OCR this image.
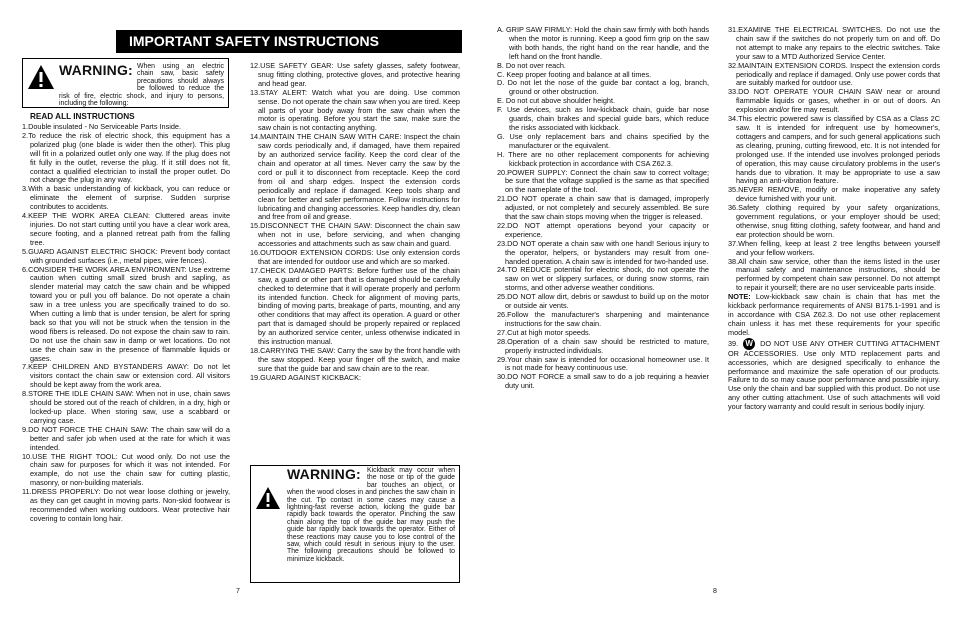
IMPORTANT SAFETY INSTRUCTIONS
WARNING: When using an electric chain saw, basic safety precautions should always be followed to reduce the risk of fire, electric shock, and injury to persons, including the following:
READ ALL INSTRUCTIONS

1.Double insulated - No Serviceable Parts Inside.

2.To reduce the risk of electric shock, this equipment has a polarized plug (one blade is wider then the other). This plug will fit in a polarized outlet only one way. If the plug does not fit fully in the outlet, reverse the plug. If it still does not fit, contact a qualified electrician to install the proper outlet. Do not change the plug in any way.

3.With a basic understanding of kickback, you can reduce or eliminate the element of surprise. Sudden surprise contributes to accidents.

4.KEEP THE WORK AREA CLEAN: Cluttered areas invite injuries. Do not start cutting until you have a clear work area, secure footing, and a planned retreat path from the falling tree.

5.GUARD AGAINST ELECTRIC SHOCK: Prevent body contact with grounded surfaces (i.e., metal pipes, wire fences).

6.CONSIDER THE WORK AREA ENVIRONMENT: Use extreme caution when cutting small sized brush and sapling, as slender material may catch the saw chain and be whipped toward you or pull you off balance. Do not operate a chain saw in a tree unless you are specifically trained to do so. When cutting a limb that is under tension, be alert for spring back so that you will not be struck when the tension in the wood fibers is released. Do not expose the chain saw to rain. Do not use the chain saw in damp or wet locations. Do not use the chain saw in the presence of flammable liquids or gases.

7.KEEP CHILDREN AND BYSTANDERS AWAY: Do not let visitors contact the chain saw or extension cord. All visitors should be kept away from the work area.

8.STORE THE IDLE CHAIN SAW: When not in use, chain saws should be stored out of the reach of children, in a dry, high or locked-up place. When storing saw, use a scabbard or carrying case.

9.DO NOT FORCE THE CHAIN SAW: The chain saw will do a better and safer job when used at the rate for which it was intended.

10.USE THE RIGHT TOOL: Cut wood only. Do not use the chain saw for purposes for which it was not intended. For example, do not use the chain saw for cutting plastic, masonry, or non-building materials.

11.DRESS PROPERLY: Do not wear loose clothing or jewelry, as they can get caught in moving parts. Non-skid footwear is recommended when working outdoors. Wear protective hair covering to contain long hair.

12.USE SAFETY GEAR: Use safety glasses, safety footwear, snug fitting clothing, protective gloves, and protective hearing and head gear.

13.STAY ALERT: Watch what you are doing. Use common sense. Do not operate the chain saw when you are tired. Keep all parts of your body away from the saw chain when the motor is operating. Before you start the saw, make sure the saw chain is not contacting anything.

14.MAINTAIN THE CHAIN SAW WITH CARE: Inspect the chain saw cords periodically and, if damaged, have them repaired by an authorized service facility. Keep the cord clear of the chain and operator at all times. Never carry the saw by the cord or pull it to disconnect from receptacle. Keep the cord from oil and sharp edges. Inspect the extension cords periodically and replace if damaged. Keep tools sharp and clean for better and safer performance. Follow instructions for lubricating and changing accessories. Keep handles dry, clean and free from oil and grease.

15.DISCONNECT THE CHAIN SAW: Disconnect the chain saw when not in use, before servicing, and when changing accessories and attachments such as saw chain and guard.

16.OUTDOOR EXTENSION CORDS: Use only extension cords that are intended for outdoor use and which are so marked.

17.CHECK DAMAGED PARTS: Before further use of the chain saw, a guard or other part that is damaged should be carefully checked to determine that it will operate properly and perform its intended function. Check for alignment of moving parts, binding of moving parts, breakage of parts, mounting, and any other conditions that may affect its operation. A guard or other part that is damaged should be properly repaired or replaced by an authorized service center, unless otherwise indicated in this instruction manual.

18.CARRYING THE SAW: Carry the saw by the front handle with the saw stopped. Keep your finger off the switch, and make sure that the guide bar and saw chain are to the rear.

19.GUARD AGAINST KICKBACK:

WARNING: Kickback may occur when the nose or tip of the guide bar touches an object, or when the wood closes in and pinches the saw chain in the cut. Tip contact in some cases may cause a lightning-fast reverse action, kicking the guide bar rapidly back towards the operator. Pinching the saw chain along the top of the guide bar may push the guide bar rapidly back towards the operator. Either of these reactions may cause you to lose control of the saw, which could result in serious injury to the user. The following precautions should be followed to minimize kickback.

A. GRIP SAW FIRMLY: Hold the chain saw firmly with both hands when the motor is running. Keep a good firm grip on the saw with both hands, the right hand on the rear handle, and the left hand on the front handle.

B. Do not over reach.

C. Keep proper footing and balance at all times.

D. Do not let the nose of the guide bar contact a log, branch, ground or other obstruction.

E. Do not cut above shoulder height.

F. Use devices, such as low-kickback chain, guide bar nose guards, chain brakes and special guide bars, which reduce the risks associated with kickback.

G. Use only replacement bars and chains specified by the manufacturer or the equivalent.

H. There are no other replacement components for achieving kickback protection in accordance with CSA Z62.3.

20.POWER SUPPLY: Connect the chain saw to correct voltage; be sure that the voltage supplied is the same as that specified on the nameplate of the tool.

21.DO NOT operate a chain saw that is damaged, improperly adjusted, or not completely and securely assembled. Be sure that the saw chain stops moving when the trigger is released.

22.DO NOT attempt operations beyond your capacity or experience.

23.DO NOT operate a chain saw with one hand! Serious injury to the operator, helpers, or bystanders may result from one-handed operation. A chain saw is intended for two-handed use.

24.TO REDUCE potential for electric shock, do not operate the saw on wet or slippery surfaces, or during snow storms, rain storms, and other adverse weather conditions.

25.DO NOT allow dirt, debris or sawdust to build up on the motor or outside air vents.

26.Follow the manufacturer's sharpening and maintenance instructions for the saw chain.

27.Cut at high motor speeds.

28.Operation of a chain saw should be restricted to mature, properly instructed individuals.

29.Your chain saw is intended for occasional homeowner use. It is not made for heavy continuous use.

30.DO NOT FORCE a small saw to do a job requiring a heavier duty unit.

31.EXAMINE THE ELECTRICAL SWITCHES. Do not use the chain saw if the switches do not properly turn on and off. Do not attempt to make any repairs to the electric switches. Take your saw to a MTD Authorized Service Center.

32.MAINTAIN EXTENSION CORDS. Inspect the extension cords periodically and replace if damaged. Only use power cords that are suitably marked for outdoor use.

33.DO NOT OPERATE YOUR CHAIN SAW near or around flammable liquids or gases, whether in or out of doors. An explosion and/or fire may result.

34.This electric powered saw is classified by CSA as a Class 2C saw. It is intended for infrequent use by homeowner's, cottagers and campers, and for such general applications such as clearing, pruning, cutting firewood, etc. It is not intended for prolonged use. If the intended use involves prolonged periods of operation, this may cause circulatory problems in the user's hands due to vibration. It may be appropriate to use a saw having an anti-vibration feature.

35.NEVER REMOVE, modify or make inoperative any safety device furnished with your unit.

36.Safety clothing required by your safety organizations, government regulations, or your employer should be used; otherwise, snug fitting clothing, safety footwear, and hand and ear protection should be worn.

37.When felling, keep at least 2 tree lengths between yourself and your fellow workers.

38.All chain saw service, other than the items listed in the user manual safety and maintenance instructions, should be performed by competent chain saw personnel. Do not attempt to repair it yourself; there are no user serviceable parts inside.

NOTE: Low-kickback saw chain is chain that has met the kickback performance requirements of ANSI B175.1-1991 and is in accordance with CSA Z62.3. Do not use other replacement chain unless it has met these requirements for your specific model.

39. W DO NOT USE ANY OTHER CUTTING ATTACHMENT OR ACCESSORIES. Use only MTD replacement parts and accessories, which are designed specifically to enhance the performance and maximize the safe operation of our products. Failure to do so may cause poor performance and possible injury. Use only the chain and bar supplied with this product. Do not use any other cutting attachment. Use of such attachments will void your factory warranty and could result in serious bodily injury.

7	8
